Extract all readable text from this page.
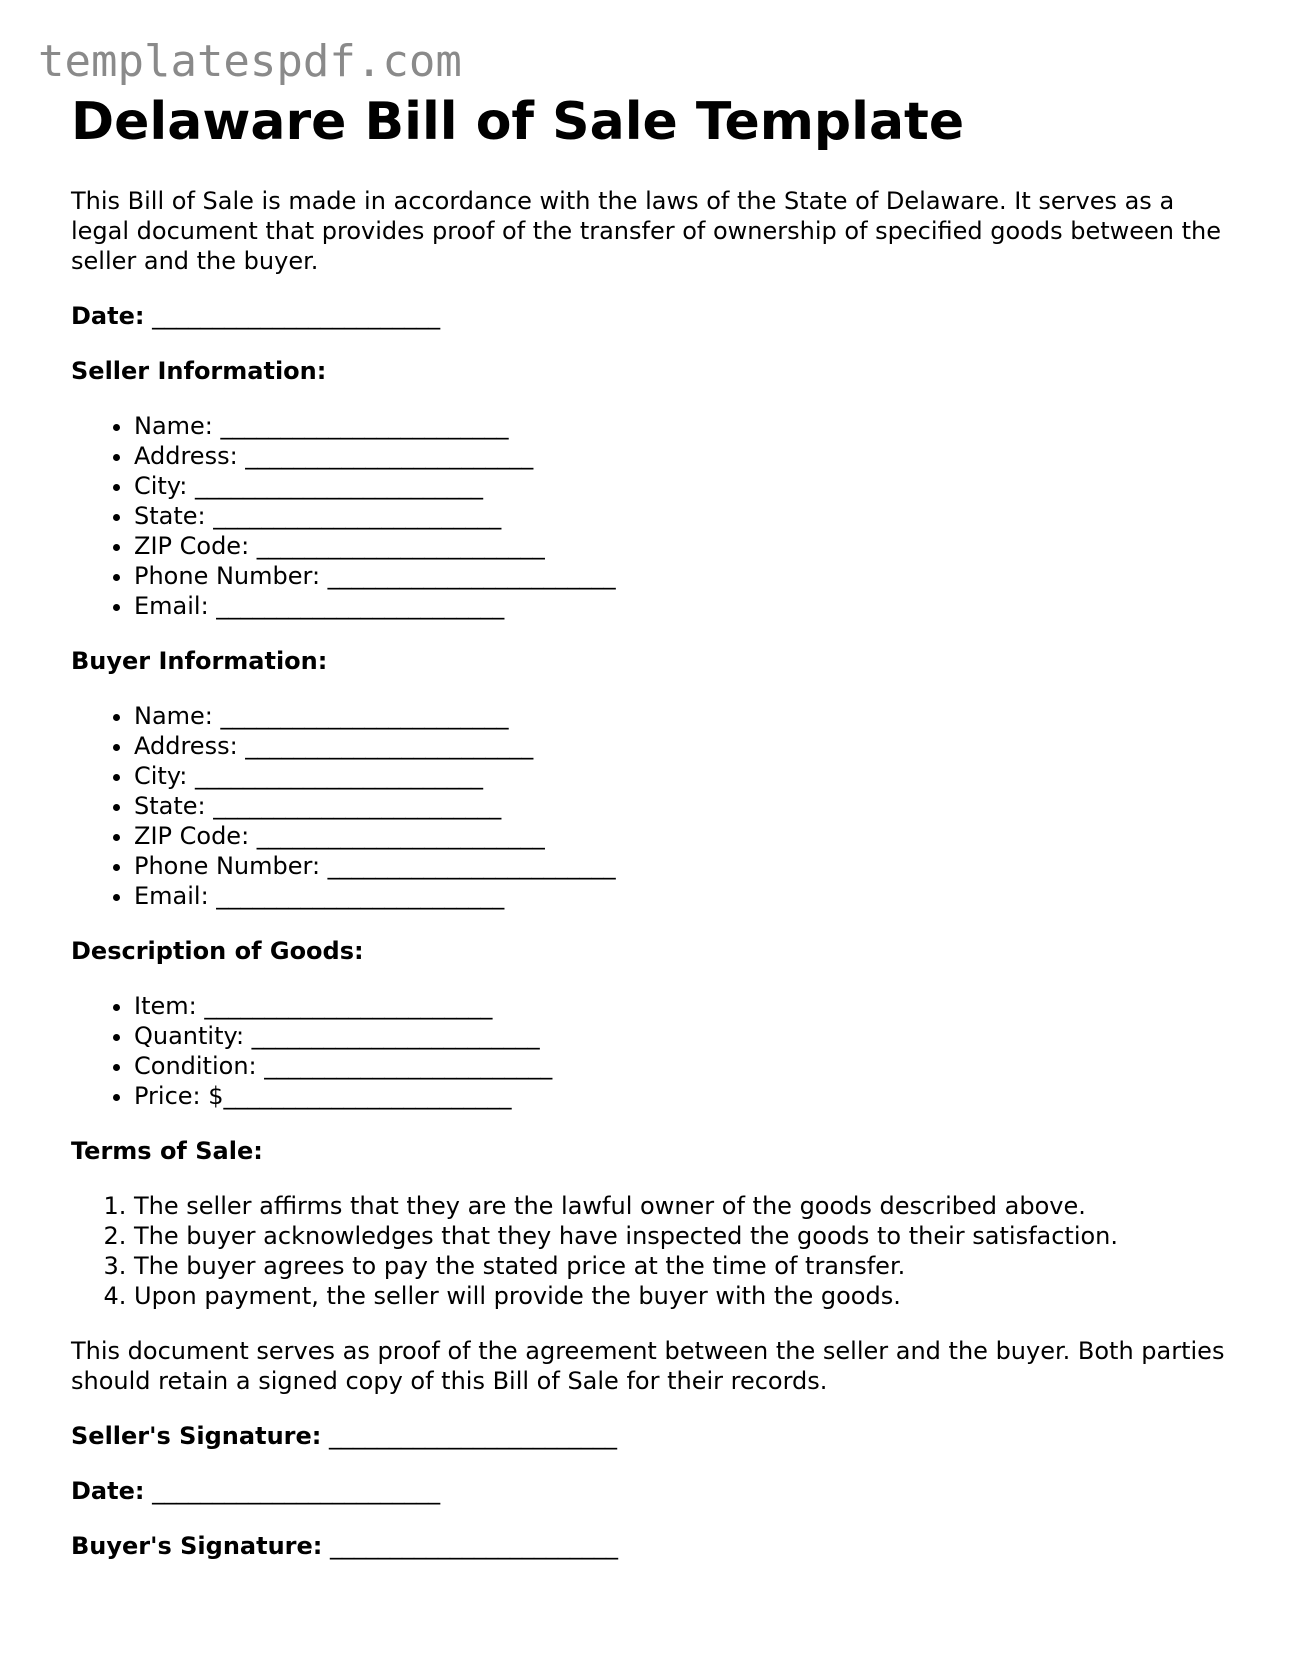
templatespdf.com
Delaware Bill of Sale Template

This Bill of Sale is made in accordance with the laws of the State of Delaware. It serves as a legal document that provides proof of the transfer of ownership of specified goods between the seller and the buyer.

Date: ________________________

Seller Information:

• Name: ________________________
• Address: ________________________
• City: ________________________
• State: ________________________
• ZIP Code: ________________________
• Phone Number: ________________________
• Email: ________________________

Buyer Information:

• Name: ________________________
• Address: ________________________
• City: ________________________
• State: ________________________
• ZIP Code: ________________________
• Phone Number: ________________________
• Email: ________________________

Description of Goods:

• Item: ________________________
• Quantity: ________________________
• Condition: ________________________
• Price: $________________________

Terms of Sale:

1. The seller affirms that they are the lawful owner of the goods described above.
2. The buyer acknowledges that they have inspected the goods to their satisfaction.
3. The buyer agrees to pay the stated price at the time of transfer.
4. Upon payment, the seller will provide the buyer with the goods.

This document serves as proof of the agreement between the seller and the buyer. Both parties should retain a signed copy of this Bill of Sale for their records.

Seller's Signature: ________________________

Date: ________________________

Buyer's Signature: ________________________
